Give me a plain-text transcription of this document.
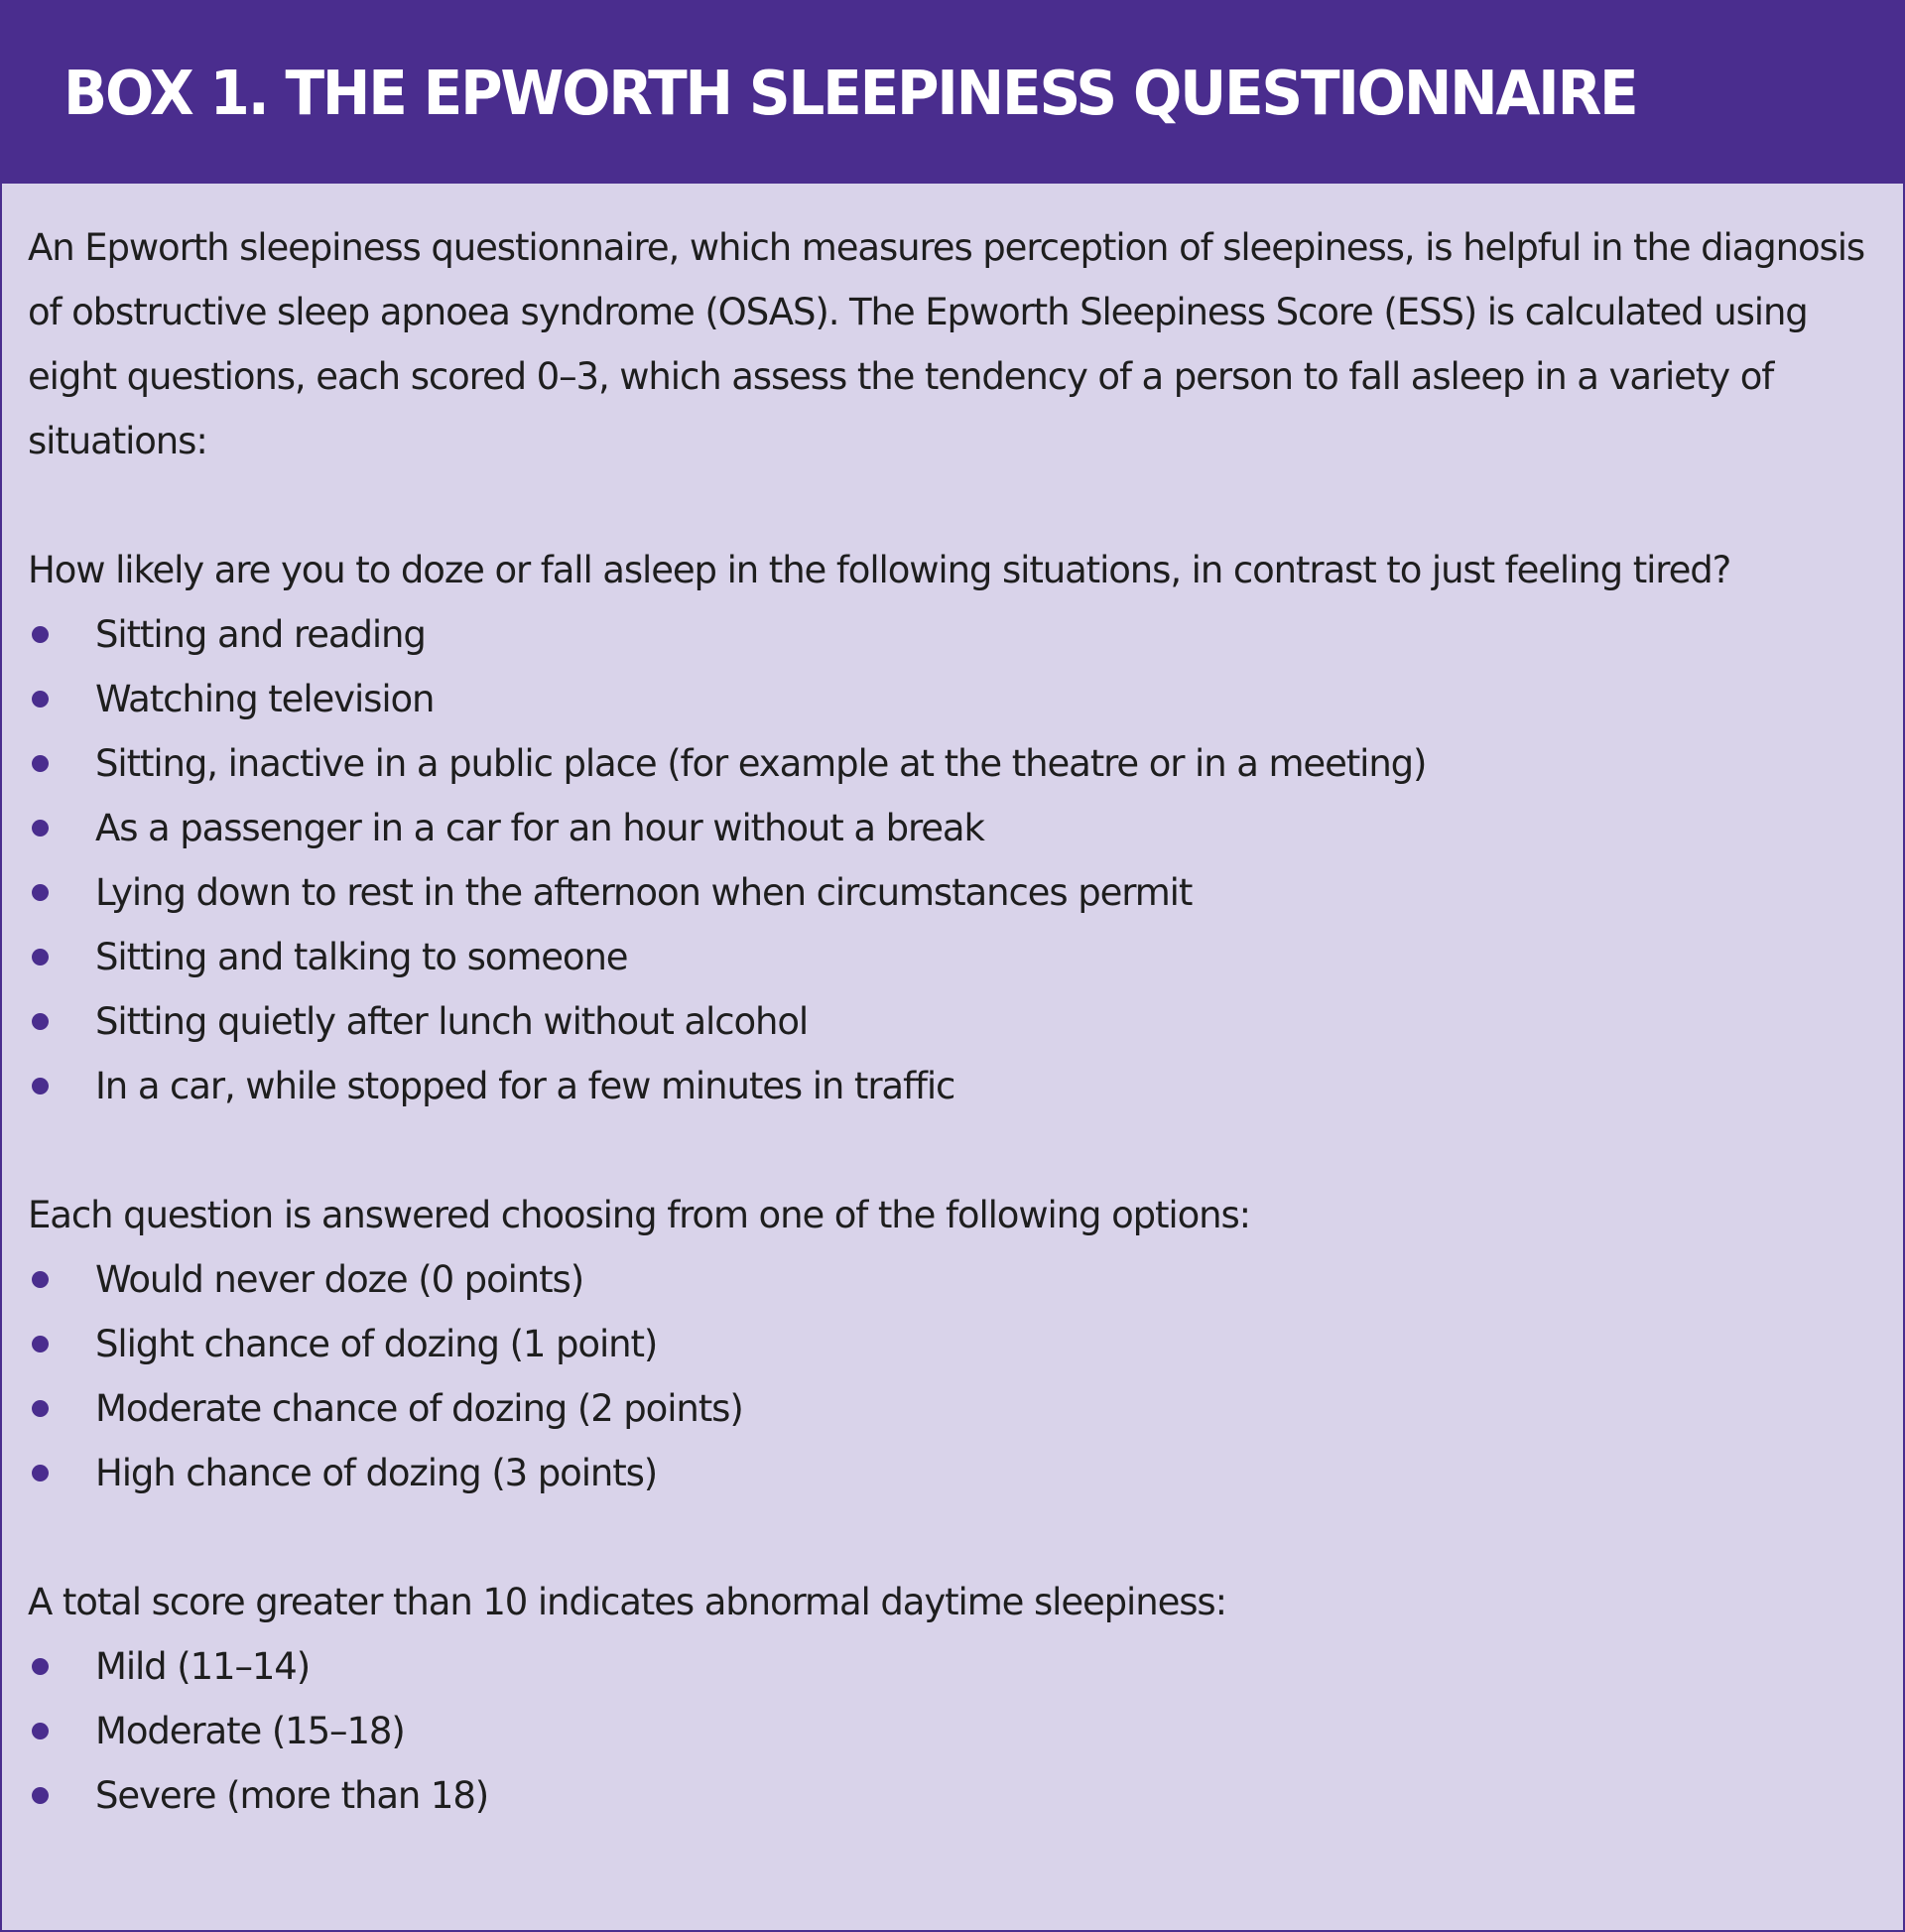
BOX 1. THE EPWORTH SLEEPINESS QUESTIONNAIRE

An Epworth sleepiness questionnaire, which measures perception of sleepiness, is helpful in the diagnosis of obstructive sleep apnoea syndrome (OSAS). The Epworth Sleepiness Score (ESS) is calculated using eight questions, each scored 0–3, which assess the tendency of a person to fall asleep in a variety of situations:

How likely are you to doze or fall asleep in the following situations, in contrast to just feeling tired?

Sitting and reading
Watching television
Sitting, inactive in a public place (for example at the theatre or in a meeting)
As a passenger in a car for an hour without a break
Lying down to rest in the afternoon when circumstances permit
Sitting and talking to someone
Sitting quietly after lunch without alcohol
In a car, while stopped for a few minutes in traffic

Each question is answered choosing from one of the following options:

Would never doze (0 points)
Slight chance of dozing (1 point)
Moderate chance of dozing (2 points)
High chance of dozing (3 points)

A total score greater than 10 indicates abnormal daytime sleepiness:

Mild (11–14)
Moderate (15–18)
Severe (more than 18)
